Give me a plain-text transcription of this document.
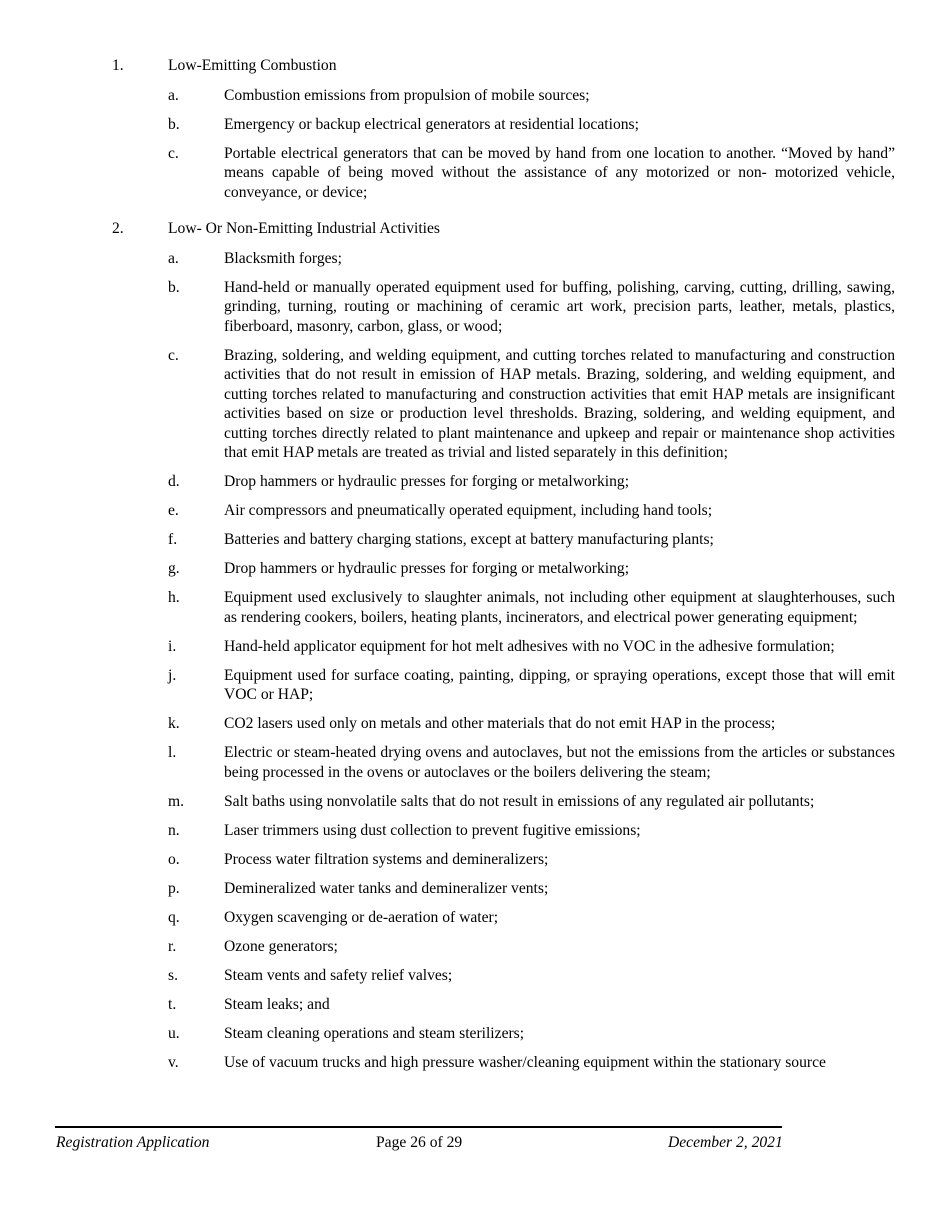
1.	Low-Emitting Combustion
a.	Combustion emissions from propulsion of mobile sources;
b.	Emergency or backup electrical generators at residential locations;
c.	Portable electrical generators that can be moved by hand from one location to another. “Moved by hand” means capable of being moved without the assistance of any motorized or non- motorized vehicle, conveyance, or device;
2.	Low- Or Non-Emitting Industrial Activities
a.	Blacksmith forges;
b.	Hand-held or manually operated equipment used for buffing, polishing, carving, cutting, drilling, sawing, grinding, turning, routing or machining of ceramic art work, precision parts, leather, metals, plastics, fiberboard, masonry, carbon, glass, or wood;
c.	Brazing, soldering, and welding equipment, and cutting torches related to manufacturing and construction activities that do not result in emission of HAP metals. Brazing, soldering, and welding equipment, and cutting torches related to manufacturing and construction activities that emit HAP metals are insignificant activities based on size or production level thresholds. Brazing, soldering, and welding equipment, and cutting torches directly related to plant maintenance and upkeep and repair or maintenance shop activities that emit HAP metals are treated as trivial and listed separately in this definition;
d.	Drop hammers or hydraulic presses for forging or metalworking;
e.	Air compressors and pneumatically operated equipment, including hand tools;
f.	Batteries and battery charging stations, except at battery manufacturing plants;
g.	Drop hammers or hydraulic presses for forging or metalworking;
h.	Equipment used exclusively to slaughter animals, not including other equipment at slaughterhouses, such as rendering cookers, boilers, heating plants, incinerators, and electrical power generating equipment;
i.	Hand-held applicator equipment for hot melt adhesives with no VOC in the adhesive formulation;
j.	Equipment used for surface coating, painting, dipping, or spraying operations, except those that will emit VOC or HAP;
k.	CO2 lasers used only on metals and other materials that do not emit HAP in the process;
l.	Electric or steam-heated drying ovens and autoclaves, but not the emissions from the articles or substances being processed in the ovens or autoclaves or the boilers delivering the steam;
m.	Salt baths using nonvolatile salts that do not result in emissions of any regulated air pollutants;
n.	Laser trimmers using dust collection to prevent fugitive emissions;
o.	Process water filtration systems and demineralizers;
p.	Demineralized water tanks and demineralizer vents;
q.	Oxygen scavenging or de-aeration of water;
r.	Ozone generators;
s.	Steam vents and safety relief valves;
t.	Steam leaks; and
u.	Steam cleaning operations and steam sterilizers;
v.	Use of vacuum trucks and high pressure washer/cleaning equipment within the stationary source
Registration Application	Page 26 of 29	December 2, 2021
